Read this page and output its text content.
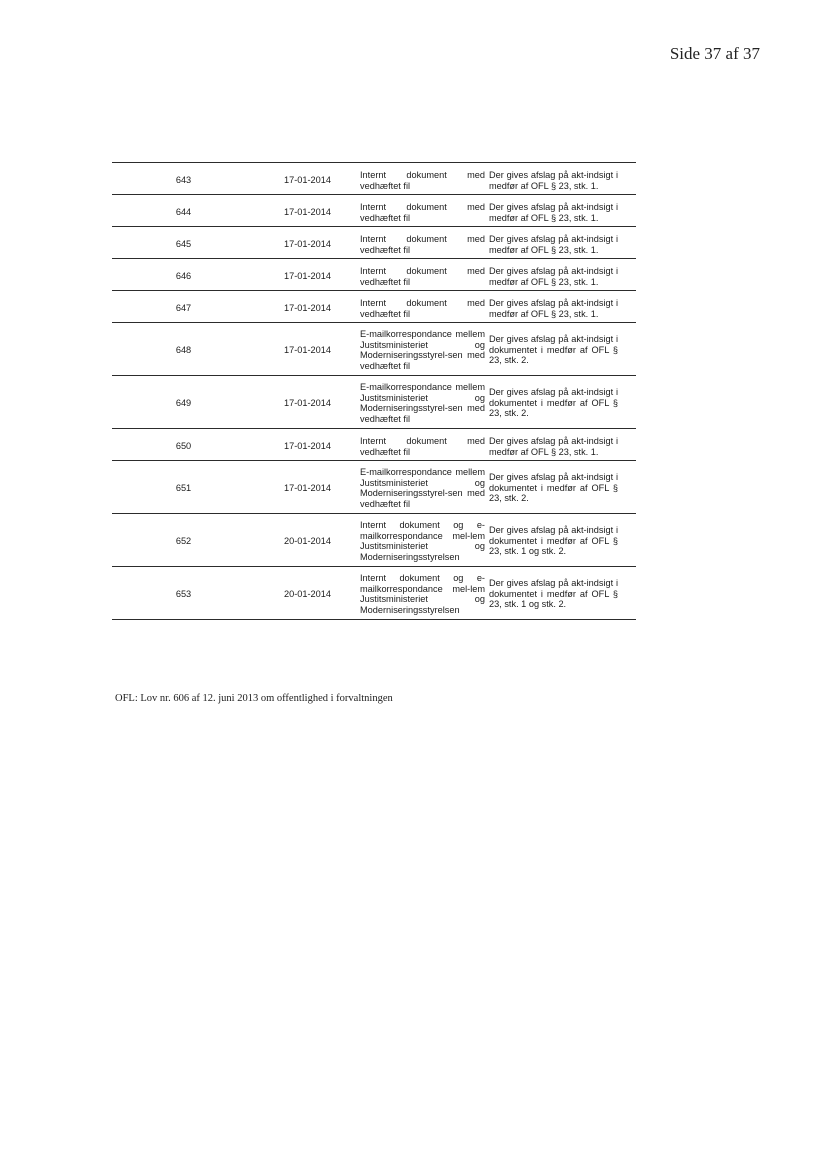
Side 37 af 37
643	17-01-2014	Internt dokument med vedhæftet fil	Der gives afslag på akt-indsigt i medfør af OFL § 23, stk. 1.

644	17-01-2014	Internt dokument med vedhæftet fil	Der gives afslag på akt-indsigt i medfør af OFL § 23, stk. 1.

645	17-01-2014	Internt dokument med vedhæftet fil	Der gives afslag på akt-indsigt i medfør af OFL § 23, stk. 1.

646	17-01-2014	Internt dokument med vedhæftet fil	Der gives afslag på akt-indsigt i medfør af OFL § 23, stk. 1.

647	17-01-2014	Internt dokument med vedhæftet fil	Der gives afslag på akt-indsigt i medfør af OFL § 23, stk. 1.

648	17-01-2014	E-mailkorrespondance mellem Justitsministeriet og Moderniseringsstyrel-sen med vedhæftet fil	Der gives afslag på akt-indsigt i dokumentet i medfør af OFL § 23, stk. 2.

649	17-01-2014	E-mailkorrespondance mellem Justitsministeriet og Moderniseringsstyrel-sen med vedhæftet fil	Der gives afslag på akt-indsigt i dokumentet i medfør af OFL § 23, stk. 2.

650	17-01-2014	Internt dokument med vedhæftet fil	Der gives afslag på akt-indsigt i medfør af OFL § 23, stk. 1.

651	17-01-2014	E-mailkorrespondance mellem Justitsministeriet og Moderniseringsstyrel-sen med vedhæftet fil	Der gives afslag på akt-indsigt i dokumentet i medfør af OFL § 23, stk. 2.

652	20-01-2014	Internt dokument og e-mailkorrespondance mel-lem Justitsministeriet og Moderniseringsstyrelsen	Der gives afslag på akt-indsigt i dokumentet i medfør af OFL § 23, stk. 1 og stk. 2.

653	20-01-2014	Internt dokument og e-mailkorrespondance mel-lem Justitsministeriet og Moderniseringsstyrelsen	Der gives afslag på akt-indsigt i dokumentet i medfør af OFL § 23, stk. 1 og stk. 2.
OFL: Lov nr. 606 af 12. juni 2013 om offentlighed i forvaltningen
